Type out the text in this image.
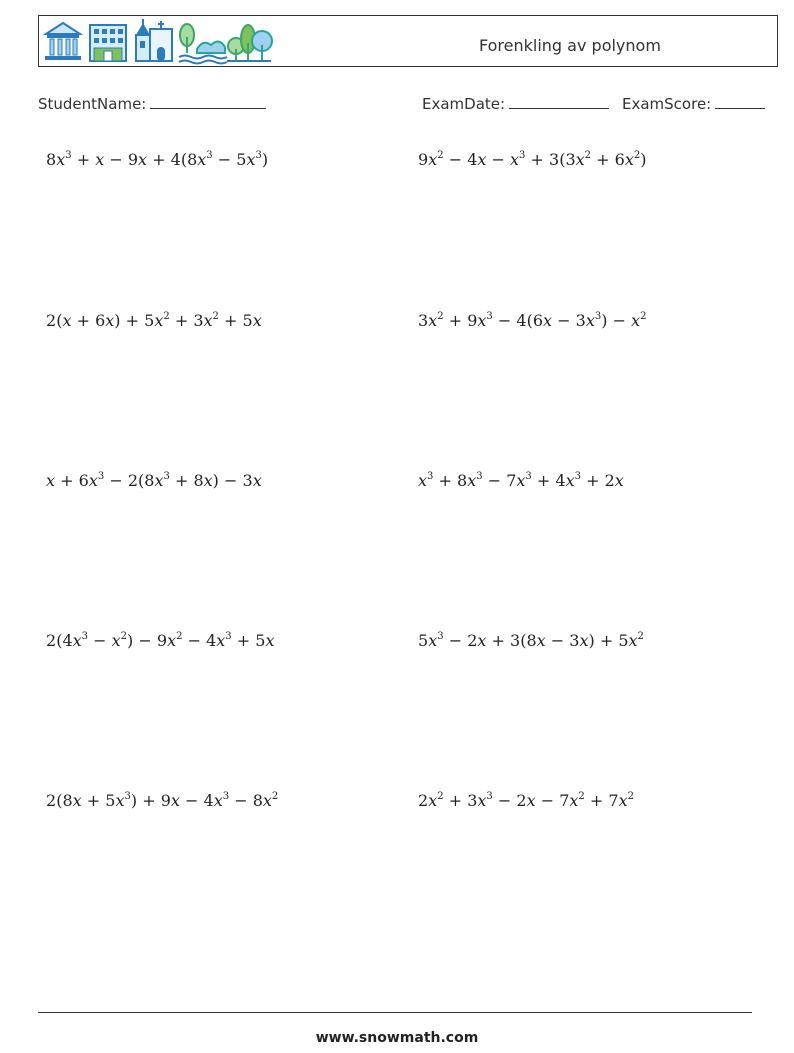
Forenkling av polynom
StudentName:	ExamDate:	ExamScore:
$8x^3 + x - 9x + 4(8x^3 - 5x^3)$	$9x^2 - 4x - x^3 + 3(3x^2 + 6x^2)$
$2(x + 6x) + 5x^2 + 3x^2 + 5x$	$3x^2 + 9x^3 - 4(6x - 3x^3) - x^2$
$x + 6x^3 - 2(8x^3 + 8x) - 3x$	$x^3 + 8x^3 - 7x^3 + 4x^3 + 2x$
$2(4x^3 - x^2) - 9x^2 - 4x^3 + 5x$	$5x^3 - 2x + 3(8x - 3x) + 5x^2$
$2(8x + 5x^3) + 9x - 4x^3 - 8x^2$	$2x^2 + 3x^3 - 2x - 7x^2 + 7x^2$
www.snowmath.com
